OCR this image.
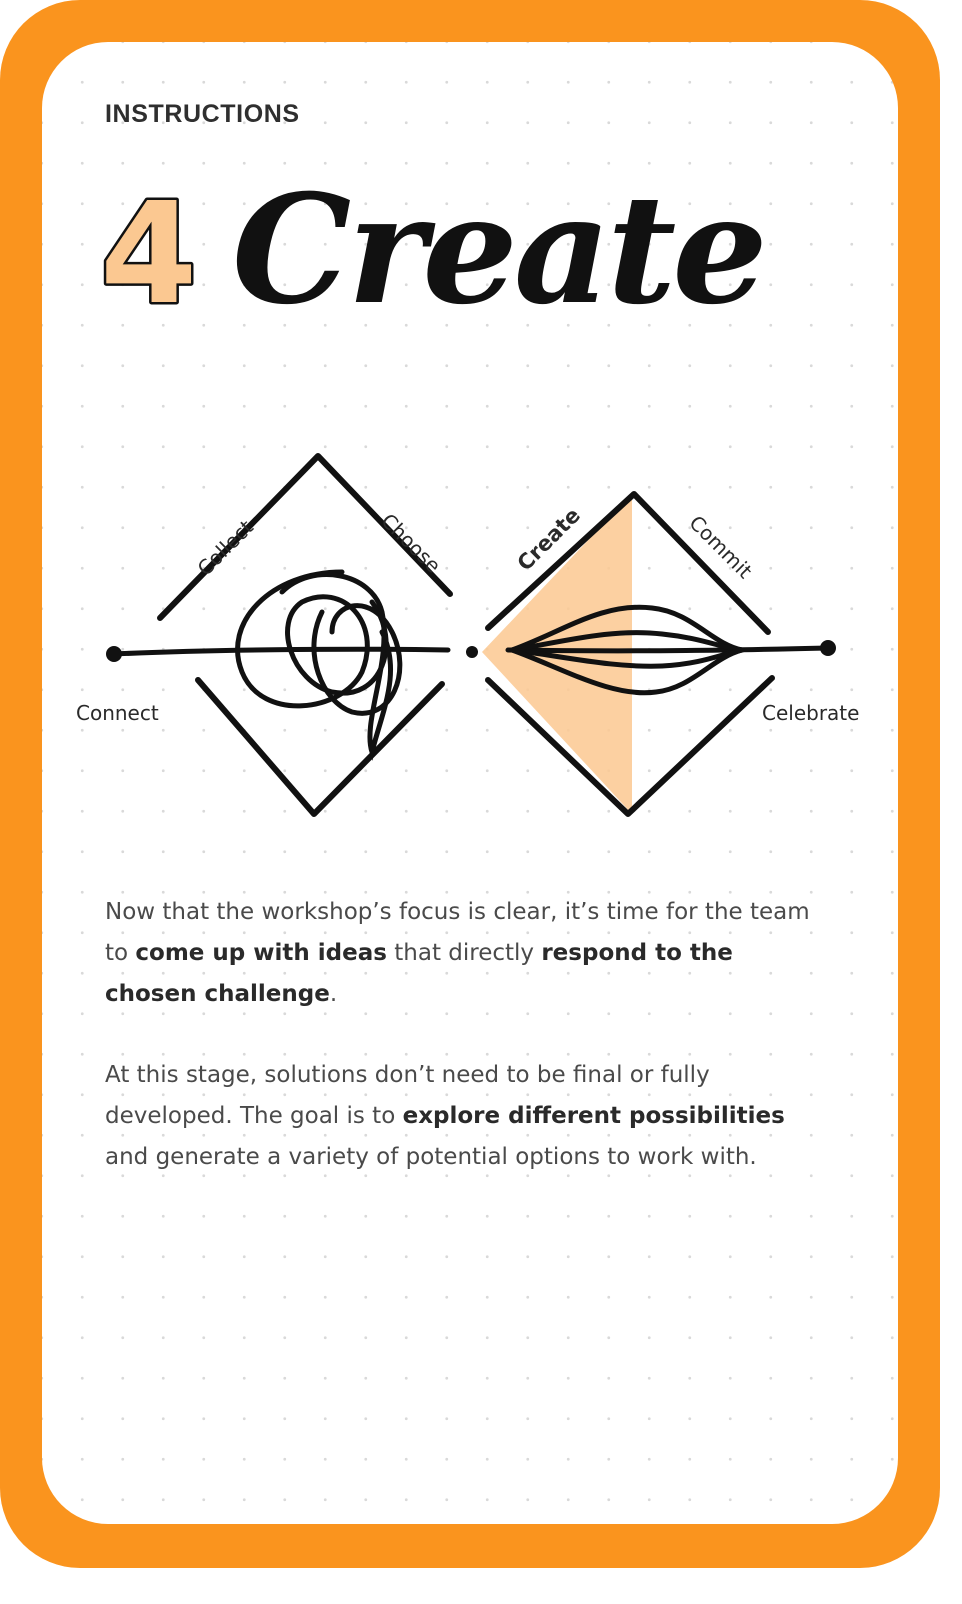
INSTRUCTIONS
4 Create
Connect
Collect	Choose	Create	Commit
Celebrate

Now that the workshop’s focus is clear, it’s time for the team to come up with ideas that directly respond to the chosen challenge.

At this stage, solutions don’t need to be final or fully developed. The goal is to explore different possibilities and generate a variety of potential options to work with.
